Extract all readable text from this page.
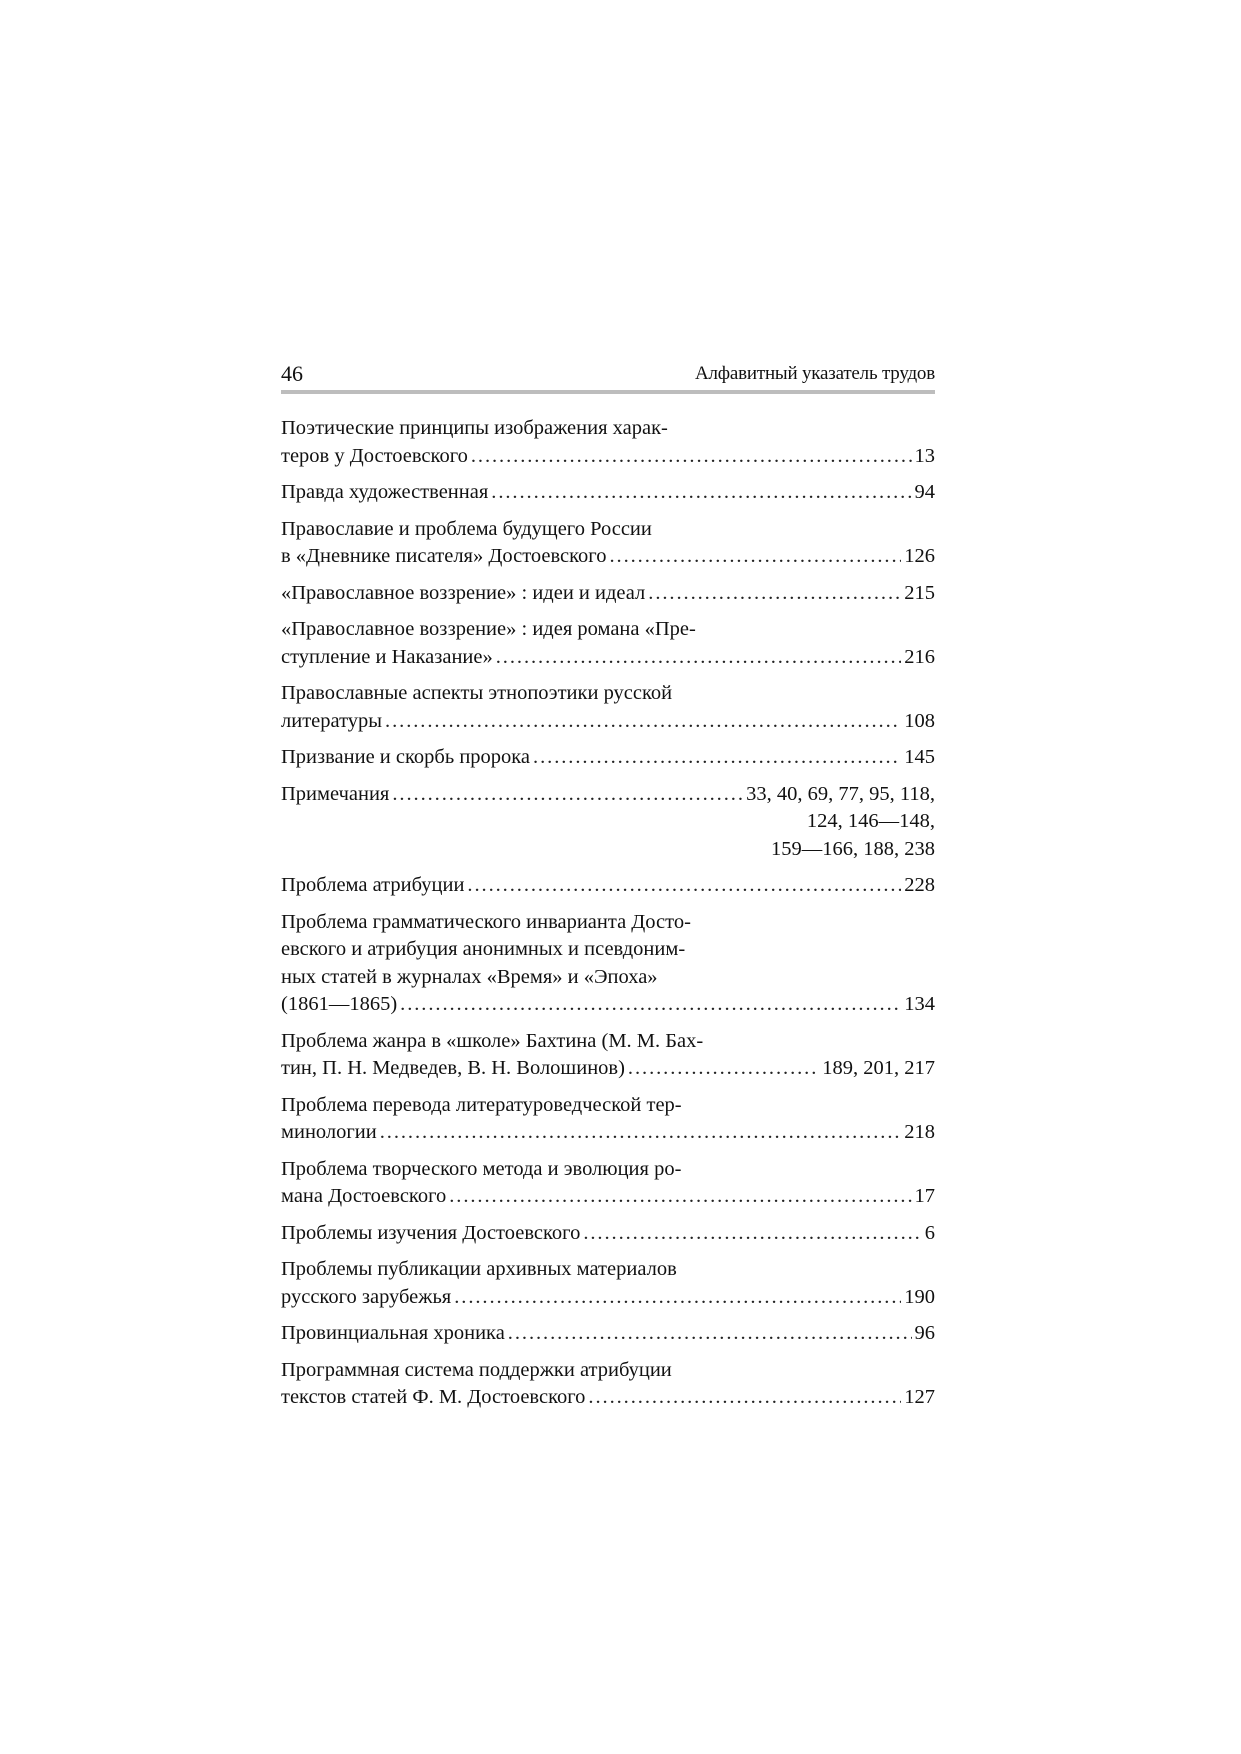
46	Алфавитный указатель трудов
Поэтические принципы изображения харак-
теров у Достоевского . . .	13
Правда художественная . . .	94
Православие и проблема будущего России
в «Дневнике писателя» Достоевского . . .	126
«Православное воззрение» : идеи и идеал . . .	215
«Православное воззрение» : идея романа «Пре-
ступление и Наказание» . . .	216
Православные аспекты этнопоэтики русской
литературы . . .	108
Призвание и скорбь пророка . . .	145
Примечания . . .	33, 40, 69, 77, 95, 118,
124, 146—148,
159—166, 188, 238
Проблема атрибуции . . .	228
Проблема грамматического инварианта Досто-
евского и атрибуция анонимных и псевдоним-
ных статей в журналах «Время» и «Эпоха»
(1861—1865) . . .	134
Проблема жанра в «школе» Бахтина (М. М. Бах-
тин, П. Н. Медведев, В. Н. Волошинов) . . .	189, 201, 217
Проблема перевода литературоведческой тер-
минологии . . .	218
Проблема творческого метода и эволюция ро-
мана Достоевского . . .	17
Проблемы изучения Достоевского . . .	6
Проблемы публикации архивных материалов
русского зарубежья . . .	190
Провинциальная хроника . . .	96
Программная система поддержки атрибуции
текстов статей Ф. М. Достоевского . . .	127
